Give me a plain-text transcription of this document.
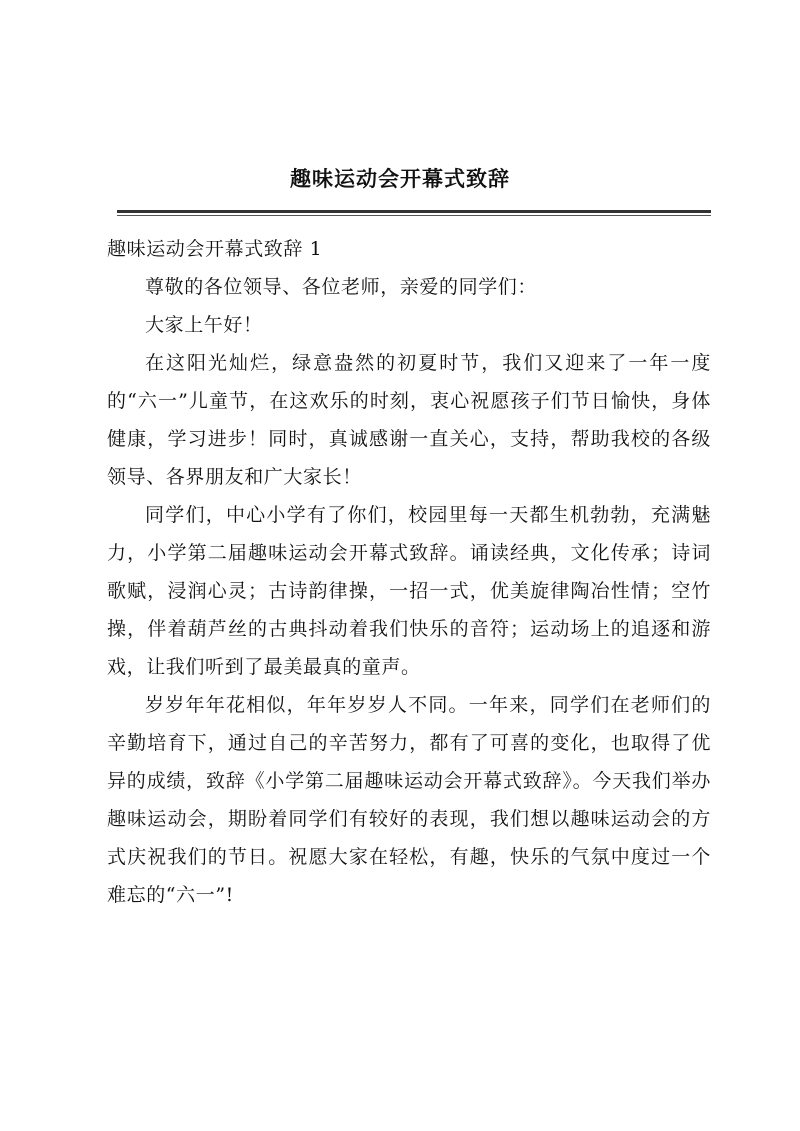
趣味运动会开幕式致辞

趣味运动会开幕式致辞 1

尊敬的各位领导、各位老师，亲爱的同学们：

大家上午好！

在这阳光灿烂，绿意盎然的初夏时节，我们又迎来了一年一度的“六一”儿童节，在这欢乐的时刻，衷心祝愿孩子们节日愉快，身体健康，学习进步！同时，真诚感谢一直关心，支持，帮助我校的各级领导、各界朋友和广大家长！

同学们，中心小学有了你们，校园里每一天都生机勃勃，充满魅力，小学第二届趣味运动会开幕式致辞。诵读经典，文化传承；诗词歌赋，浸润心灵；古诗韵律操，一招一式，优美旋律陶冶性情；空竹操，伴着葫芦丝的古典抖动着我们快乐的音符；运动场上的追逐和游戏，让我们听到了最美最真的童声。

岁岁年年花相似，年年岁岁人不同。一年来，同学们在老师们的辛勤培育下，通过自己的辛苦努力，都有了可喜的变化，也取得了优异的成绩，致辞《小学第二届趣味运动会开幕式致辞》。今天我们举办趣味运动会，期盼着同学们有较好的表现，我们想以趣味运动会的方式庆祝我们的节日。祝愿大家在轻松，有趣，快乐的气氛中度过一个难忘的“六一”!
